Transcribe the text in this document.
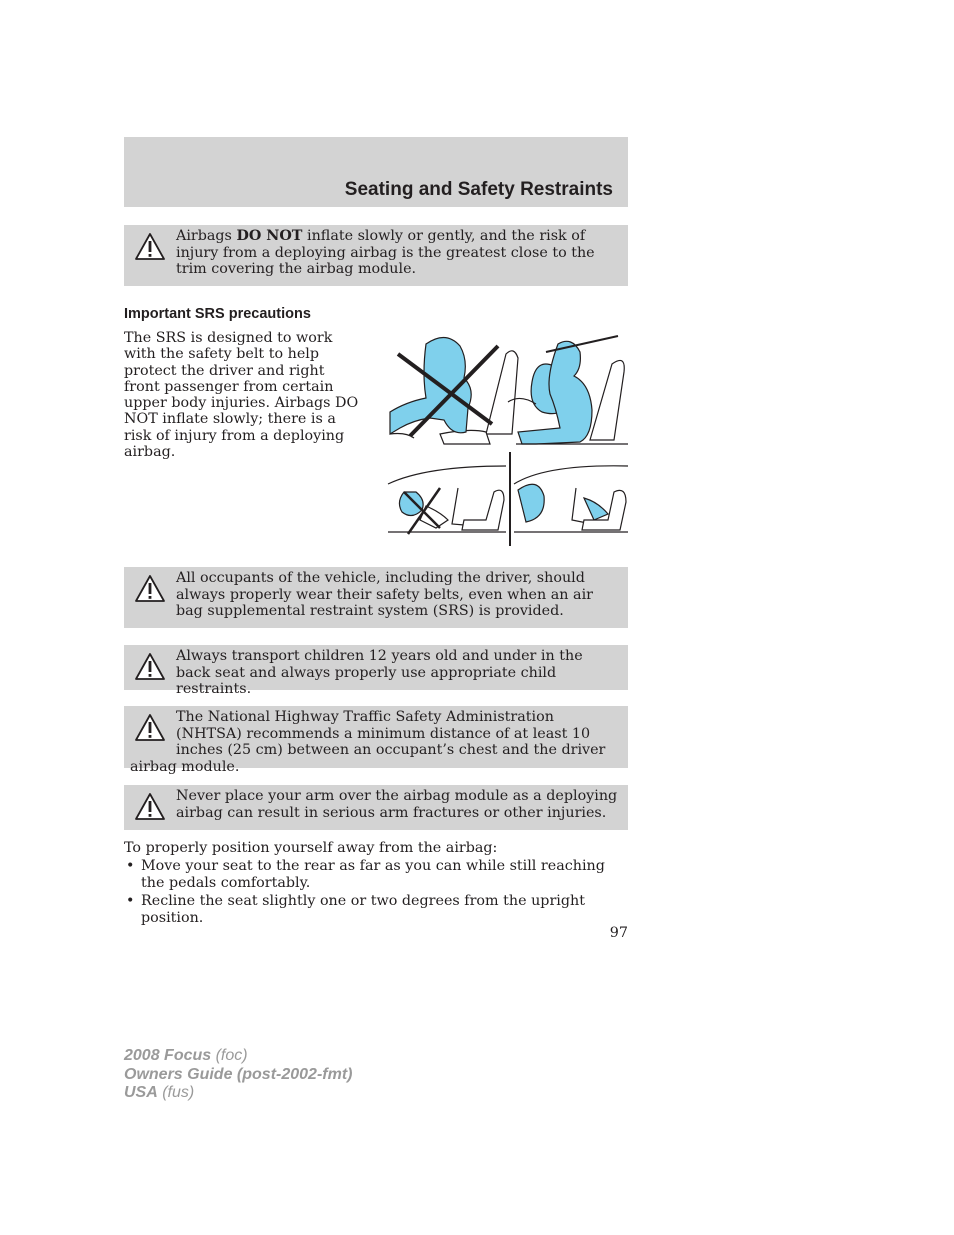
Seating and Safety Restraints

Airbags DO NOT inflate slowly or gently, and the risk of injury from a deploying airbag is the greatest close to the trim covering the airbag module.

Important SRS precautions

The SRS is designed to work with the safety belt to help protect the driver and right front passenger from certain upper body injuries. Airbags DO NOT inflate slowly; there is a risk of injury from a deploying airbag.

All occupants of the vehicle, including the driver, should always properly wear their safety belts, even when an air bag supplemental restraint system (SRS) is provided.

Always transport children 12 years old and under in the back seat and always properly use appropriate child restraints.

The National Highway Traffic Safety Administration (NHTSA) recommends a minimum distance of at least 10 inches (25 cm) between an occupant’s chest and the driver airbag module.

Never place your arm over the airbag module as a deploying airbag can result in serious arm fractures or other injuries.

To properly position yourself away from the airbag:

• Move your seat to the rear as far as you can while still reaching the pedals comfortably.
• Recline the seat slightly one or two degrees from the upright position.
97
2008 Focus (foc)
Owners Guide (post-2002-fmt)
USA (fus)
